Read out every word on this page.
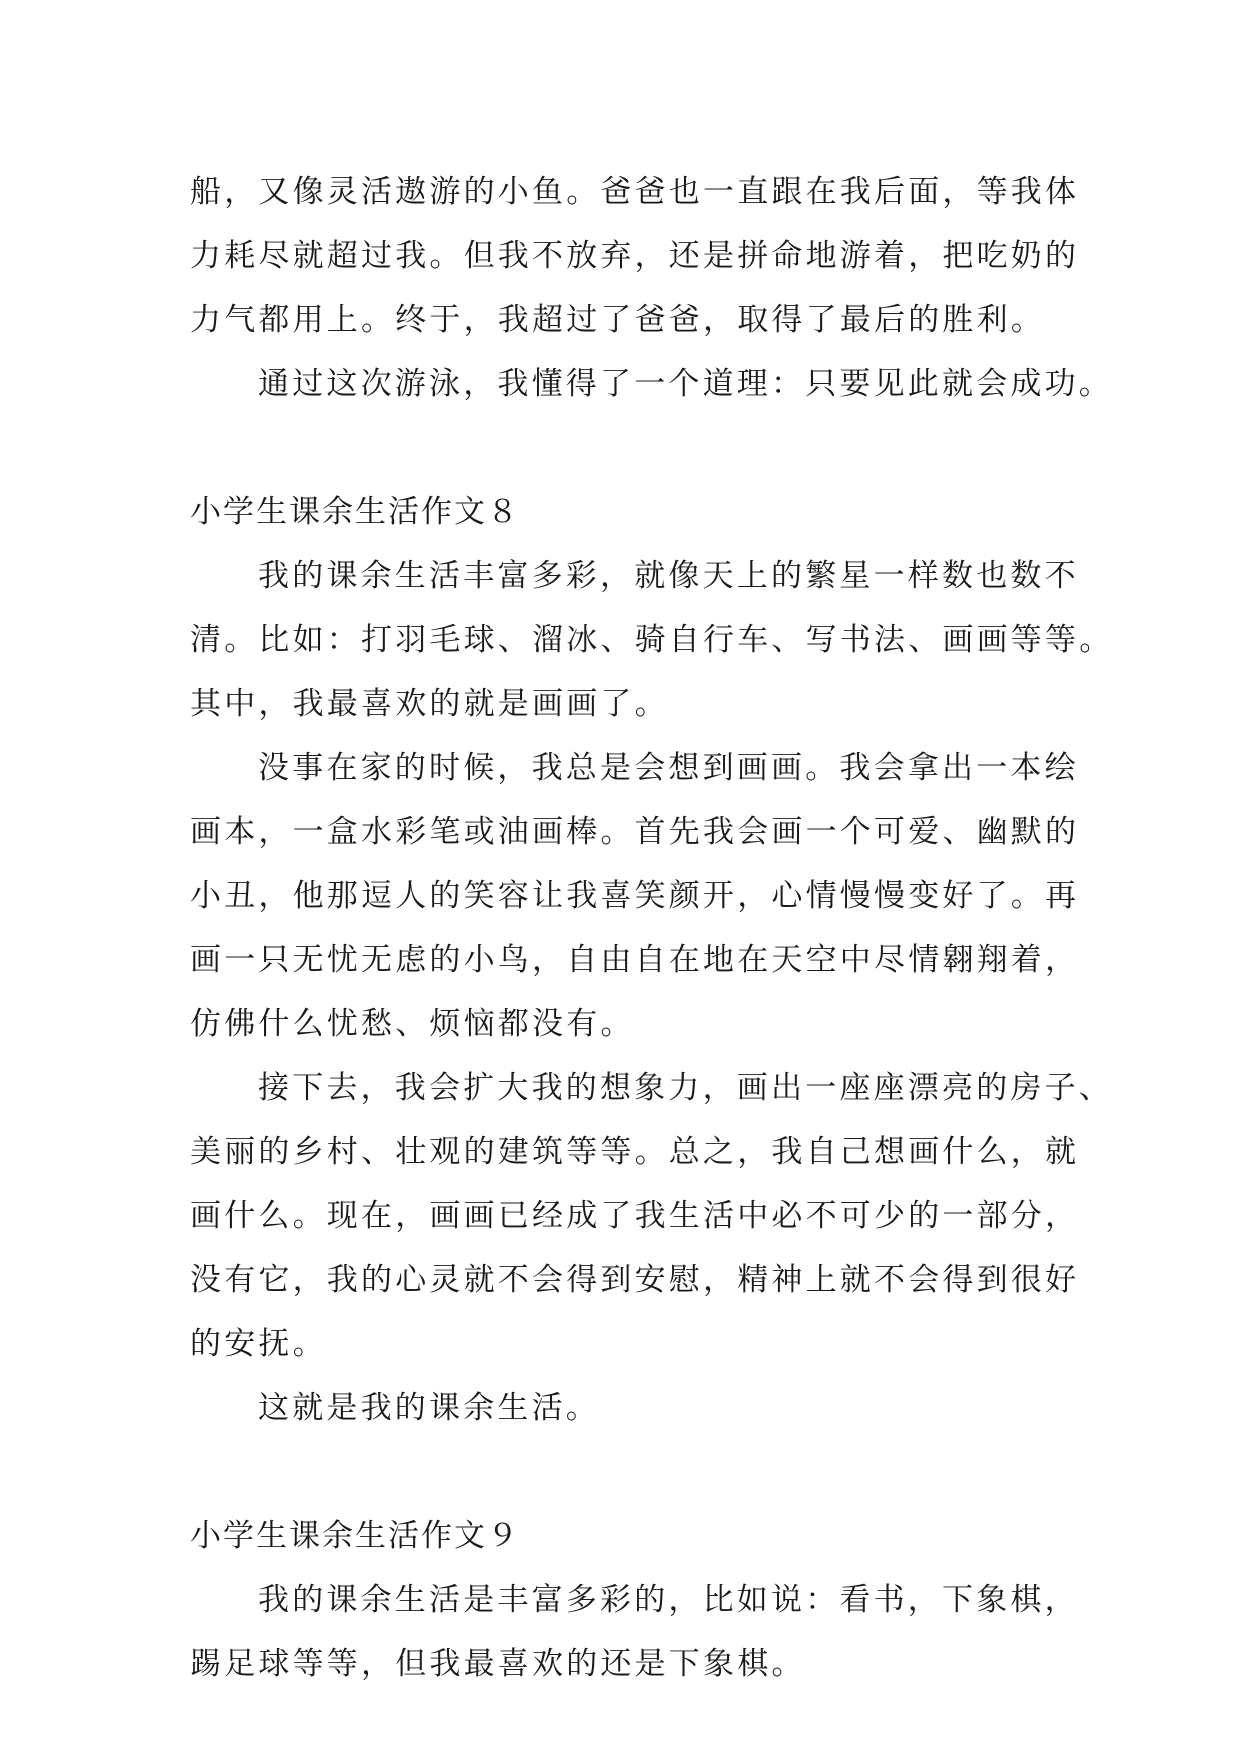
船，又像灵活遨游的小鱼。爸爸也一直跟在我后面，等我体
力耗尽就超过我。但我不放弃，还是拼命地游着，把吃奶的
力气都用上。终于，我超过了爸爸，取得了最后的胜利。

通过这次游泳，我懂得了一个道理：只要见此就会成功。

小学生课余生活作文８

我的课余生活丰富多彩，就像天上的繁星一样数也数不
清。比如：打羽毛球、溜冰、骑自行车、写书法、画画等等。
其中，我最喜欢的就是画画了。

没事在家的时候，我总是会想到画画。我会拿出一本绘
画本，一盒水彩笔或油画棒。首先我会画一个可爱、幽默的
小丑，他那逗人的笑容让我喜笑颜开，心情慢慢变好了。再
画一只无忧无虑的小鸟，自由自在地在天空中尽情翱翔着，
仿佛什么忧愁、烦恼都没有。

接下去，我会扩大我的想象力，画出一座座漂亮的房子、
美丽的乡村、壮观的建筑等等。总之，我自己想画什么，就
画什么。现在，画画已经成了我生活中必不可少的一部分，
没有它，我的心灵就不会得到安慰，精神上就不会得到很好
的安抚。

这就是我的课余生活。

小学生课余生活作文９

我的课余生活是丰富多彩的，比如说：看书，下象棋，
踢足球等等，但我最喜欢的还是下象棋。
